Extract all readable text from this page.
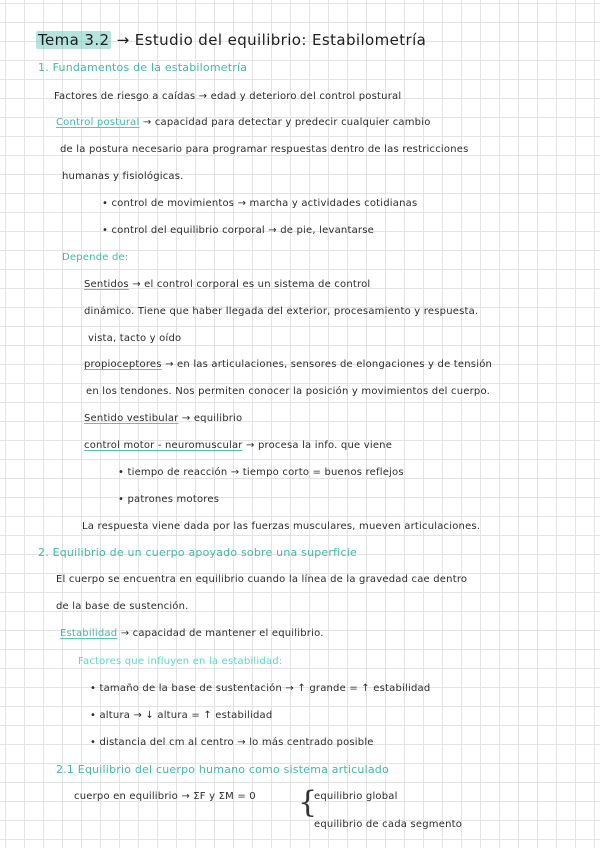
Tema 3.2 → Estudio del equilibrio: Estabilometría
1. Fundamentos de la estabilometría
Factores de riesgo a caídas → edad y deterioro del control postural
Control postural → capacidad para detectar y predecir cualquier cambio
de la postura necesario para programar respuestas dentro de las restricciones
humanas y fisiológicas.
• control de movimientos → marcha y actividades cotidianas
• control del equilibrio corporal → de pie, levantarse
Depende de:
Sentidos → el control corporal es un sistema de control
dinámico. Tiene que haber llegada del exterior, procesamiento y respuesta.
vista, tacto y oído
propioceptores → en las articulaciones, sensores de elongaciones y de tensión
en los tendones. Nos permiten conocer la posición y movimientos del cuerpo.
Sentido vestibular → equilibrio
control motor - neuromuscular → procesa la info. que viene
• tiempo de reacción → tiempo corto = buenos reflejos
• patrones motores
La respuesta viene dada por las fuerzas musculares, mueven articulaciones.
2. Equilibrio de un cuerpo apoyado sobre una superficie
El cuerpo se encuentra en equilibrio cuando la línea de la gravedad cae dentro
de la base de sustención.
Estabilidad → capacidad de mantener el equilibrio.
Factores que influyen en la estabilidad:
• tamaño de la base de sustentación → ↑ grande = ↑ estabilidad
• altura → ↓ altura = ↑ estabilidad
• distancia del cm al centro → lo más centrado posible
2.1 Equilibrio del cuerpo humano como sistema articulado
cuerpo en equilibrio → ΣF y ΣM = 0 {
equilibrio global
equilibrio de cada segmento
